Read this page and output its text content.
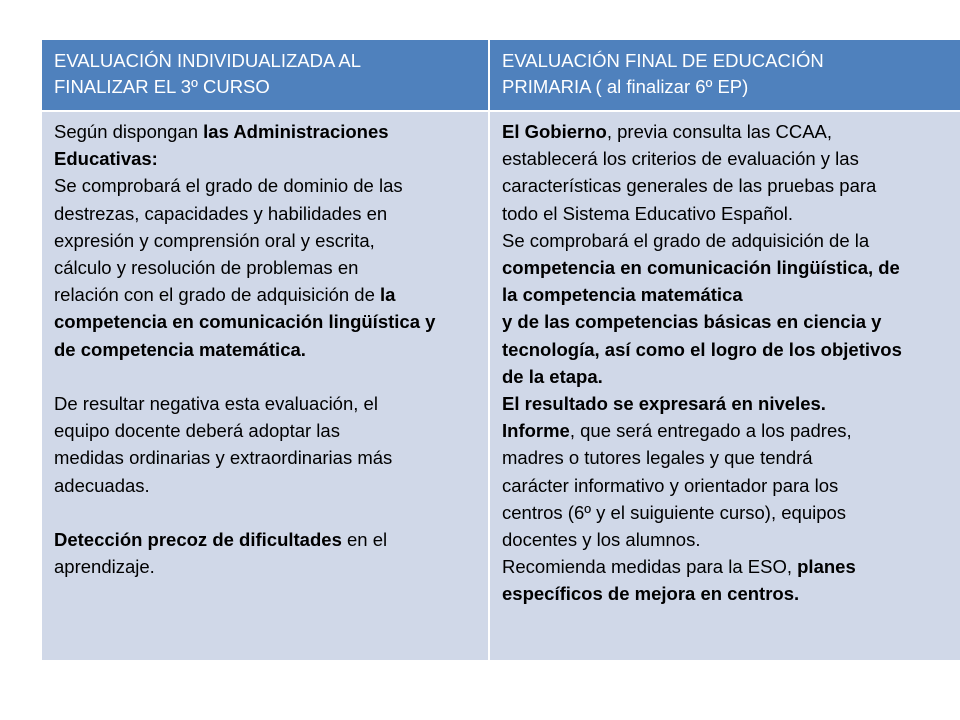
EVALUACIÓN INDIVIDUALIZADA AL
FINALIZAR EL 3º CURSO
EVALUACIÓN FINAL DE EDUCACIÓN
PRIMARIA ( al finalizar 6º EP)
Según dispongan las Administraciones
Educativas:
Se comprobará el grado de dominio de las
destrezas, capacidades y habilidades en
expresión y comprensión oral y escrita,
cálculo y resolución de problemas en
relación con el grado de adquisición de la
competencia en comunicación lingüística y
de competencia matemática.
De resultar negativa esta evaluación, el
equipo docente deberá adoptar las
medidas ordinarias y extraordinarias más
adecuadas.
Detección precoz de dificultades en el
aprendizaje.
El Gobierno, previa consulta las CCAA,
establecerá los criterios de evaluación y las
características generales de las pruebas para
todo el Sistema Educativo Español.
Se comprobará el grado de adquisición de la
competencia en comunicación lingüística, de
la competencia matemática
y de las competencias básicas en ciencia y
tecnología, así como el logro de los objetivos
de la etapa.
El resultado se expresará en niveles.
Informe, que será entregado a los padres,
madres o tutores legales y que tendrá
carácter informativo y orientador para los
centros (6º y el suiguiente curso), equipos
docentes y los alumnos.
Recomienda medidas para la ESO, planes
específicos de mejora en centros.
